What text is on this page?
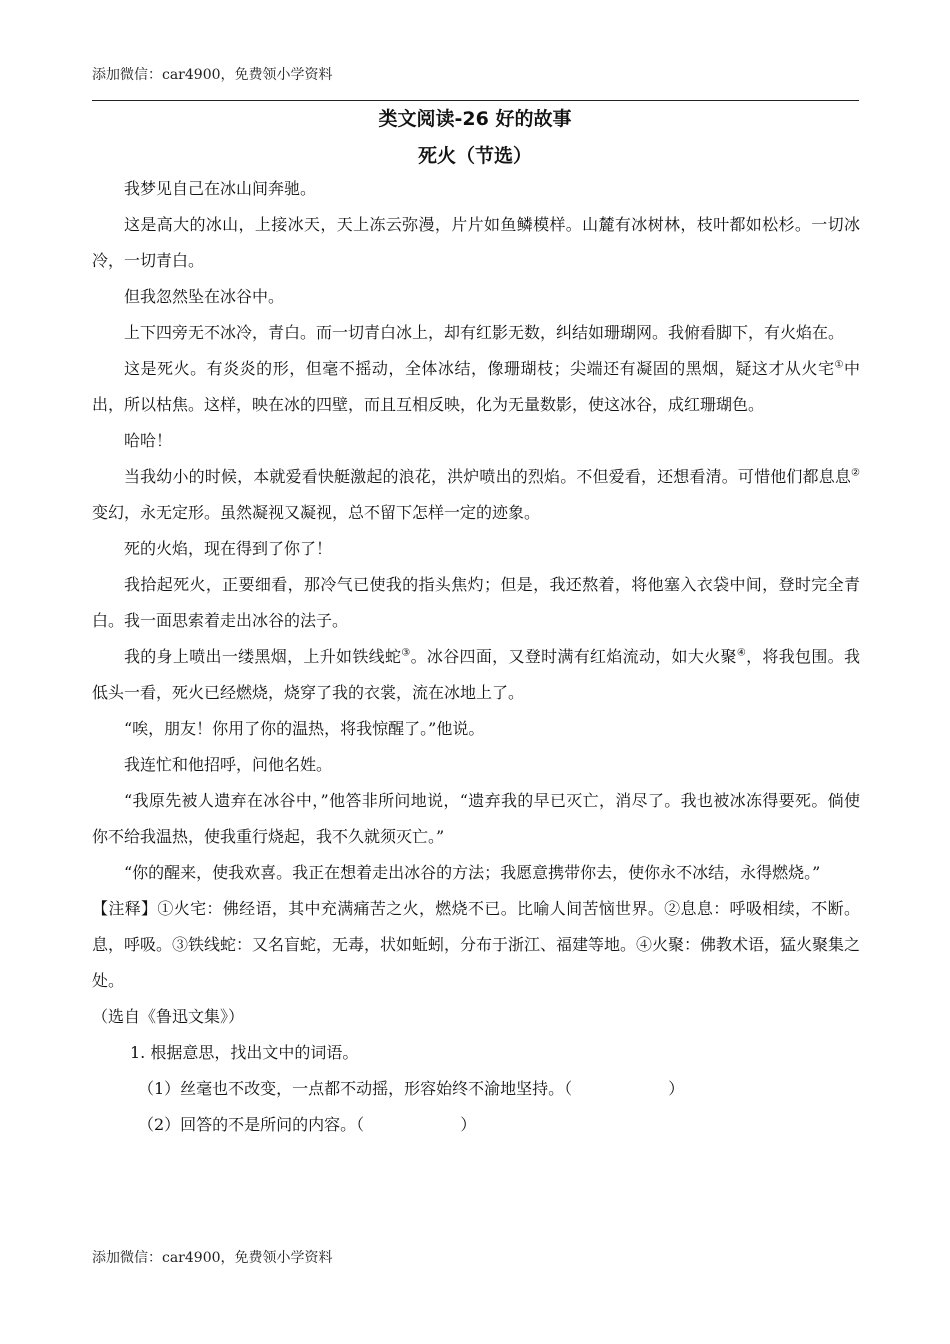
添加微信：car4900，免费领小学资料
类文阅读-26 好的故事
死火（节选）

我梦见自己在冰山间奔驰。

这是高大的冰山，上接冰天，天上冻云弥漫，片片如鱼鳞模样。山麓有冰树林，枝叶都如松杉。一切冰冷，一切青白。

但我忽然坠在冰谷中。

上下四旁无不冰冷，青白。而一切青白冰上，却有红影无数，纠结如珊瑚网。我俯看脚下，有火焰在。

这是死火。有炎炎的形，但毫不摇动，全体冰结，像珊瑚枝；尖端还有凝固的黑烟，疑这才从火宅①中出，所以枯焦。这样，映在冰的四壁，而且互相反映，化为无量数影，使这冰谷，成红珊瑚色。

哈哈！

当我幼小的时候，本就爱看快艇激起的浪花，洪炉喷出的烈焰。不但爱看，还想看清。可惜他们都息息②变幻，永无定形。虽然凝视又凝视，总不留下怎样一定的迹象。

死的火焰，现在得到了你了！

我拾起死火，正要细看，那冷气已使我的指头焦灼；但是，我还熬着，将他塞入衣袋中间，登时完全青白。我一面思索着走出冰谷的法子。

我的身上喷出一缕黑烟，上升如铁线蛇③。冰谷四面，又登时满有红焰流动，如大火聚④，将我包围。我低头一看，死火已经燃烧，烧穿了我的衣裳，流在冰地上了。

“唉，朋友！你用了你的温热，将我惊醒了。”他说。

我连忙和他招呼，问他名姓。

“我原先被人遗弃在冰谷中，”他答非所问地说，“遗弃我的早已灭亡，消尽了。我也被冰冻得要死。倘使你不给我温热，使我重行烧起，我不久就须灭亡。”

“你的醒来，使我欢喜。我正在想着走出冰谷的方法；我愿意携带你去，使你永不冰结，永得燃烧。”

【注释】①火宅：佛经语，其中充满痛苦之火，燃烧不已。比喻人间苦恼世界。②息息：呼吸相续，不断。息，呼吸。③铁线蛇：又名盲蛇，无毒，状如蚯蚓，分布于浙江、福建等地。④火聚：佛教术语，猛火聚集之处。

（选自《鲁迅文集》）

1. 根据意思，找出文中的词语。

（1）丝毫也不改变，一点都不动摇，形容始终不渝地坚持。（	）

（2）回答的不是所问的内容。（	）

添加微信：car4900，免费领小学资料
